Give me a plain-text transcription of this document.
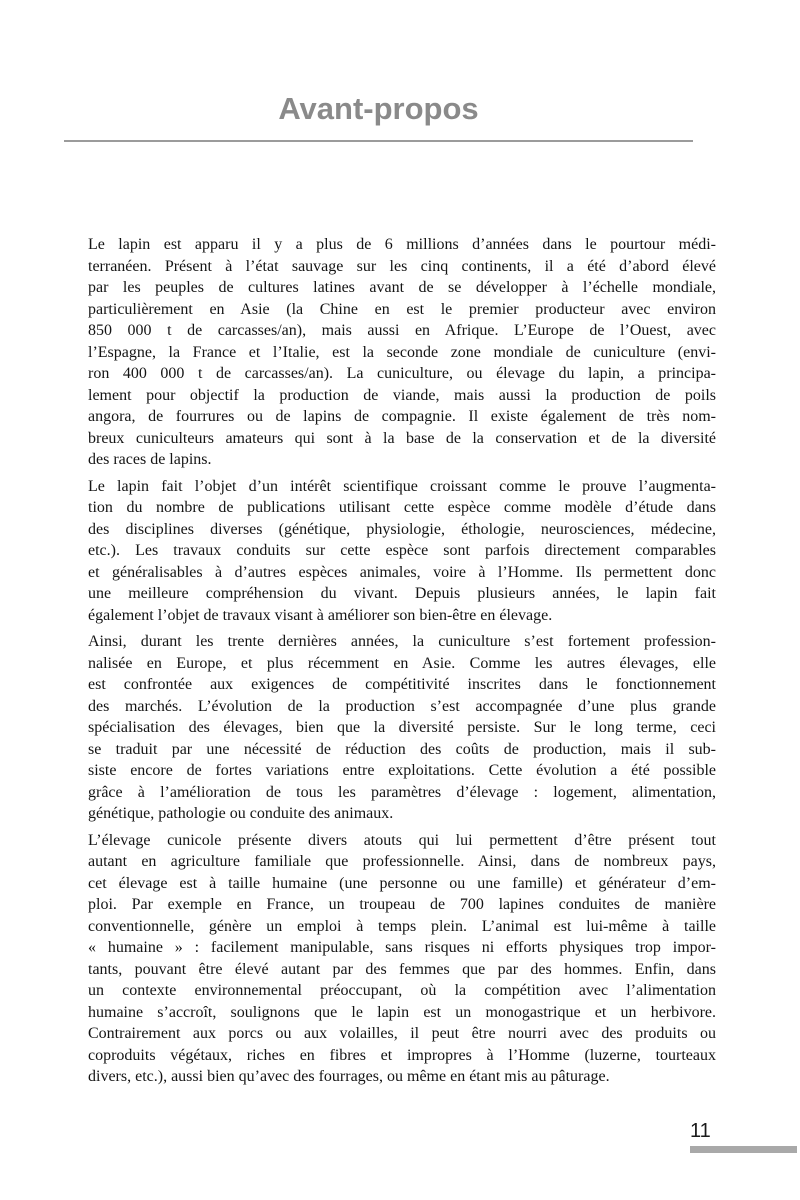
Avant-propos
Le lapin est apparu il y a plus de 6 millions d’années dans le pourtour médi-
terranéen. Présent à l’état sauvage sur les cinq continents, il a été d’abord élevé
par les peuples de cultures latines avant de se développer à l’échelle mondiale,
particulièrement en Asie (la Chine en est le premier producteur avec environ
850 000 t de carcasses/an), mais aussi en Afrique. L’Europe de l’Ouest, avec
l’Espagne, la France et l’Italie, est la seconde zone mondiale de cuniculture (envi-
ron 400 000 t de carcasses/an). La cuniculture, ou élevage du lapin, a principa-
lement pour objectif la production de viande, mais aussi la production de poils
angora, de fourrures ou de lapins de compagnie. Il existe également de très nom-
breux cuniculteurs amateurs qui sont à la base de la conservation et de la diversité
des races de lapins.
Le lapin fait l’objet d’un intérêt scientifique croissant comme le prouve l’augmenta-
tion du nombre de publications utilisant cette espèce comme modèle d’étude dans
des disciplines diverses (génétique, physiologie, éthologie, neurosciences, médecine,
etc.). Les travaux conduits sur cette espèce sont parfois directement comparables
et généralisables à d’autres espèces animales, voire à l’Homme. Ils permettent donc
une meilleure compréhension du vivant. Depuis plusieurs années, le lapin fait
également l’objet de travaux visant à améliorer son bien-être en élevage.
Ainsi, durant les trente dernières années, la cuniculture s’est fortement profession-
nalisée en Europe, et plus récemment en Asie. Comme les autres élevages, elle
est confrontée aux exigences de compétitivité inscrites dans le fonctionnement
des marchés. L’évolution de la production s’est accompagnée d’une plus grande
spécialisation des élevages, bien que la diversité persiste. Sur le long terme, ceci
se traduit par une nécessité de réduction des coûts de production, mais il sub-
siste encore de fortes variations entre exploitations. Cette évolution a été possible
grâce à l’amélioration de tous les paramètres d’élevage : logement, alimentation,
génétique, pathologie ou conduite des animaux.
L’élevage cunicole présente divers atouts qui lui permettent d’être présent tout
autant en agriculture familiale que professionnelle. Ainsi, dans de nombreux pays,
cet élevage est à taille humaine (une personne ou une famille) et générateur d’em-
ploi. Par exemple en France, un troupeau de 700 lapines conduites de manière
conventionnelle, génère un emploi à temps plein. L’animal est lui-même à taille
« humaine » : facilement manipulable, sans risques ni efforts physiques trop impor-
tants, pouvant être élevé autant par des femmes que par des hommes. Enfin, dans
un contexte environnemental préoccupant, où la compétition avec l’alimentation
humaine s’accroît, soulignons que le lapin est un monogastrique et un herbivore.
Contrairement aux porcs ou aux volailles, il peut être nourri avec des produits ou
coproduits végétaux, riches en fibres et impropres à l’Homme (luzerne, tourteaux
divers, etc.), aussi bien qu’avec des fourrages, ou même en étant mis au pâturage.
11
